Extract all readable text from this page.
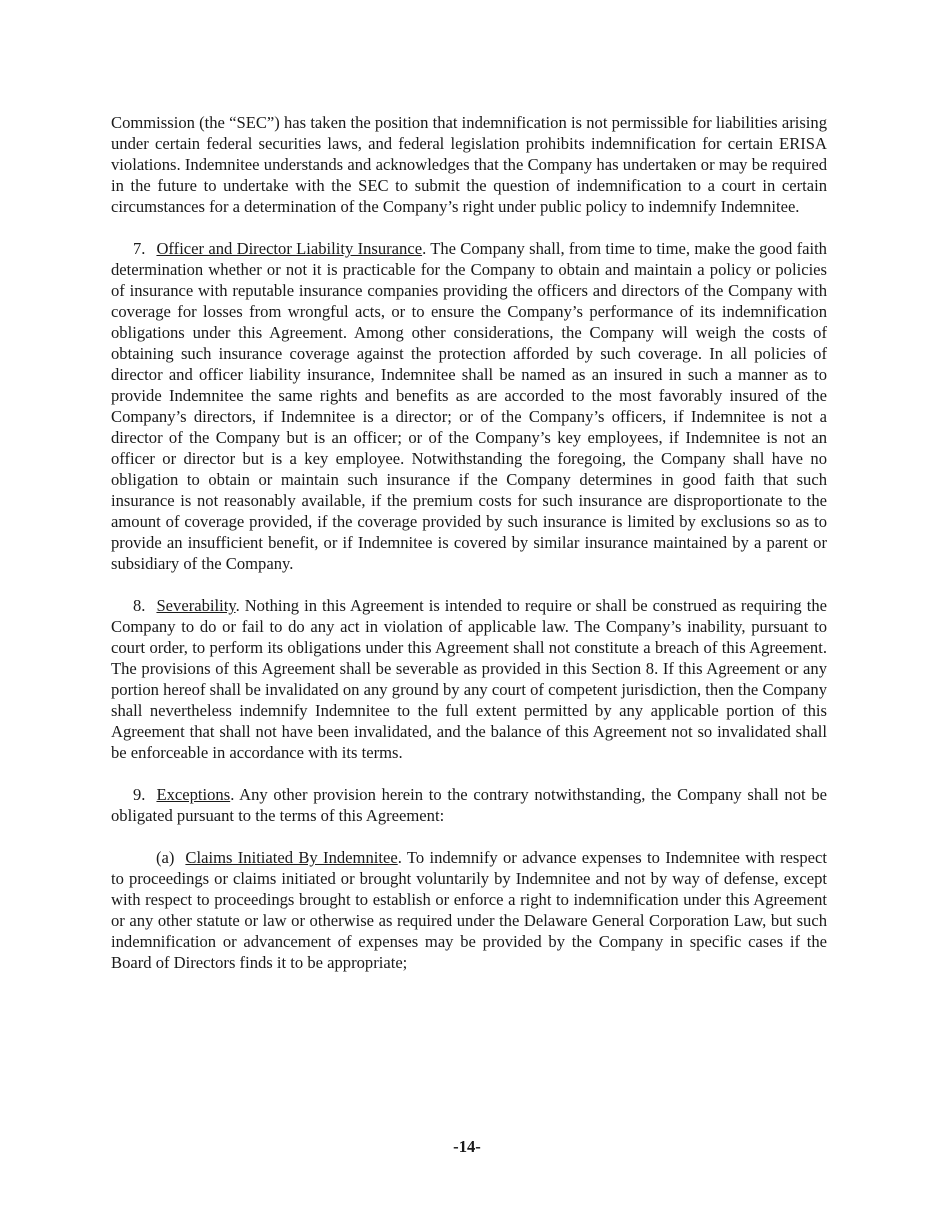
Commission (the “SEC”) has taken the position that indemnification is not permissible for liabilities arising under certain federal securities laws, and federal legislation prohibits indemnification for certain ERISA violations. Indemnitee understands and acknowledges that the Company has undertaken or may be required in the future to undertake with the SEC to submit the question of indemnification to a court in certain circumstances for a determination of the Company’s right under public policy to indemnify Indemnitee.

7. Officer and Director Liability Insurance. The Company shall, from time to time, make the good faith determination whether or not it is practicable for the Company to obtain and maintain a policy or policies of insurance with reputable insurance companies providing the officers and directors of the Company with coverage for losses from wrongful acts, or to ensure the Company’s performance of its indemnification obligations under this Agreement. Among other considerations, the Company will weigh the costs of obtaining such insurance coverage against the protection afforded by such coverage. In all policies of director and officer liability insurance, Indemnitee shall be named as an insured in such a manner as to provide Indemnitee the same rights and benefits as are accorded to the most favorably insured of the Company’s directors, if Indemnitee is a director; or of the Company’s officers, if Indemnitee is not a director of the Company but is an officer; or of the Company’s key employees, if Indemnitee is not an officer or director but is a key employee. Notwithstanding the foregoing, the Company shall have no obligation to obtain or maintain such insurance if the Company determines in good faith that such insurance is not reasonably available, if the premium costs for such insurance are disproportionate to the amount of coverage provided, if the coverage provided by such insurance is limited by exclusions so as to provide an insufficient benefit, or if Indemnitee is covered by similar insurance maintained by a parent or subsidiary of the Company.

8. Severability. Nothing in this Agreement is intended to require or shall be construed as requiring the Company to do or fail to do any act in violation of applicable law. The Company’s inability, pursuant to court order, to perform its obligations under this Agreement shall not constitute a breach of this Agreement. The provisions of this Agreement shall be severable as provided in this Section 8. If this Agreement or any portion hereof shall be invalidated on any ground by any court of competent jurisdiction, then the Company shall nevertheless indemnify Indemnitee to the full extent permitted by any applicable portion of this Agreement that shall not have been invalidated, and the balance of this Agreement not so invalidated shall be enforceable in accordance with its terms.

9. Exceptions. Any other provision herein to the contrary notwithstanding, the Company shall not be obligated pursuant to the terms of this Agreement:

(a) Claims Initiated By Indemnitee. To indemnify or advance expenses to Indemnitee with respect to proceedings or claims initiated or brought voluntarily by Indemnitee and not by way of defense, except with respect to proceedings brought to establish or enforce a right to indemnification under this Agreement or any other statute or law or otherwise as required under the Delaware General Corporation Law, but such indemnification or advancement of expenses may be provided by the Company in specific cases if the Board of Directors finds it to be appropriate;

-14-
